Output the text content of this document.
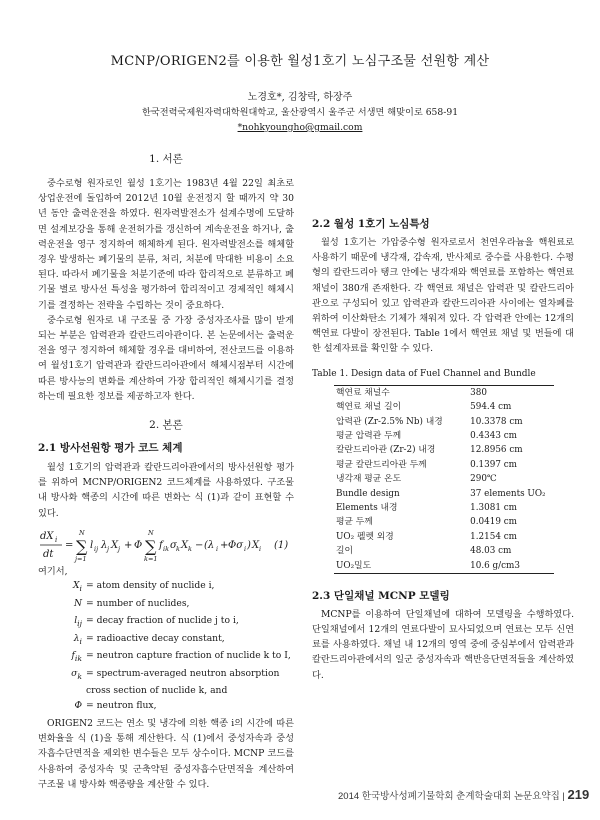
MCNP/ORIGEN2를 이용한 월성1호기 노심구조물 선원항 계산
노경호*, 김창락, 하장주
한국전력국제원자력대학원대학교, 울산광역시 울주군 서생면 해맞이로 658-91
*nohkyoungho@gmail.com

1. 서론

중수로형 원자로인 월성 1호기는 1983년 4월 22일 최초로 상업운전에 돌입하여 2012년 10월 운전정지 할 때까지 약 30년 동안 출력운전을 하였다. 원자력발전소가 설계수명에 도달하면 설계보강을 통해 운전허가를 갱신하여 계속운전을 하거나, 출력운전을 영구 정지하여 해체하게 된다. 원자력발전소를 해체할 경우 발생하는 폐기물의 분류, 처리, 처분에 막대한 비용이 소요된다. 따라서 폐기물을 처분기준에 따라 합리적으로 분류하고 폐기물 별로 방사선 특성을 평가하여 합리적이고 경제적인 해체시기를 결정하는 전략을 수립하는 것이 중요하다.

중수로형 원자로 내 구조물 중 가장 중성자조사를 많이 받게 되는 부분은 압력관과 칼란드리아관이다. 본 논문에서는 출력운전을 영구 정지하여 해체할 경우를 대비하여, 전산코드를 이용하여 월성1호기 압력관과 칼란드리아관에서 해체시점부터 시간에 따른 방사능의 변화를 계산하여 가장 합리적인 해체시기를 결정하는데 필요한 정보를 제공하고자 한다.

2. 본론

2.1 방사선원항 평가 코드 체계

월성 1호기의 압력관과 칼란드리아관에서의 방사선원항 평가를 위하여 MCNP/ORIGEN2 코드체계를 사용하였다. 구조물내 방사화 핵종의 시간에 따른 변화는 식 (1)과 같이 표현할 수 있다.

dX i
dt
= ∑
N
j=1
l ij λ j X j + Φ ∑
N
k=1
f ik σ k X k − (λ i + Φσ i ) X i (1)
여기서,
$X_i$ = atom density of nuclide i,
N = number of nuclides,
$l_{ij}$ = decay fraction of nuclide j to i,
$\lambda_i$ = radioactive decay constant,
$f_{ik}$ = neutron capture fraction of nuclide k to I,
$\sigma_k$ = spectrum-averaged neutron absorption
cross section of nuclide k, and
Φ = neutron flux,

ORIGEN2 코드는 연소 및 냉각에 의한 핵종 i의 시간에 따른 변화율을 식 (1)을 통해 계산한다. 식 (1)에서 중성자속과 중성자흡수단면적을 제외한 변수들은 모두 상수이다. MCNP 코드를 사용하여 중성자속 및 군축약된 중성자흡수단면적을 계산하여 구조물 내 방사화 핵종량을 계산할 수 있다.

2.2 월성 1호기 노심특성

월성 1호기는 가압중수형 원자로로서 천연우라늄을 핵원료로 사용하기 때문에 냉각재, 감속재, 반사체로 중수를 사용한다. 수평형의 칼란드리아 탱크 안에는 냉각재와 핵연료를 포함하는 핵연료 채널이 380개 존재한다. 각 핵연료 채널은 압력관 및 칼란드리아관으로 구성되어 있고 압력관과 칼란드리아관 사이에는 열차폐를 위하여 이산화탄소 기체가 채워져 있다. 각 압력관 안에는 12개의 핵연료 다발이 장전된다. Table 1에서 핵연료 채널 및 번들에 대한 설계자료를 확인할 수 있다.

Table 1. Design data of Fuel Channel and Bundle

핵연료 채널수	380
핵연료 채널 길이	594.4 cm
압력관 (Zr-2.5% Nb) 내경	10.3378 cm
평균 압력관 두께	0.4343 cm
칼란드리아관 (Zr-2) 내경	12.8956 cm
평균 칼란드리아관 두께	0.1397 cm
냉각재 평균 온도	290℃
Bundle design	37 elements UO₂
Elements 내경	1.3081 cm
평균 두께	0.0419 cm
UO₂ 펠렛 외경	1.2154 cm
길이	48.03 cm
UO₂밀도	10.6 g/cm3

2.3 단일채널 MCNP 모델링

MCNP를 이용하여 단일채널에 대하여 모델링을 수행하였다. 단일채널에서 12개의 연료다발이 묘사되었으며 연료는 모두 신연료를 사용하였다. 채널 내 12개의 영역 중에 중심부에서 압력관과 칼란드리아관에서의 일군 중성자속과 핵반응단면적들을 계산하였다.

2014 한국방사성폐기물학회 춘계학술대회 논문요약집 | 219
